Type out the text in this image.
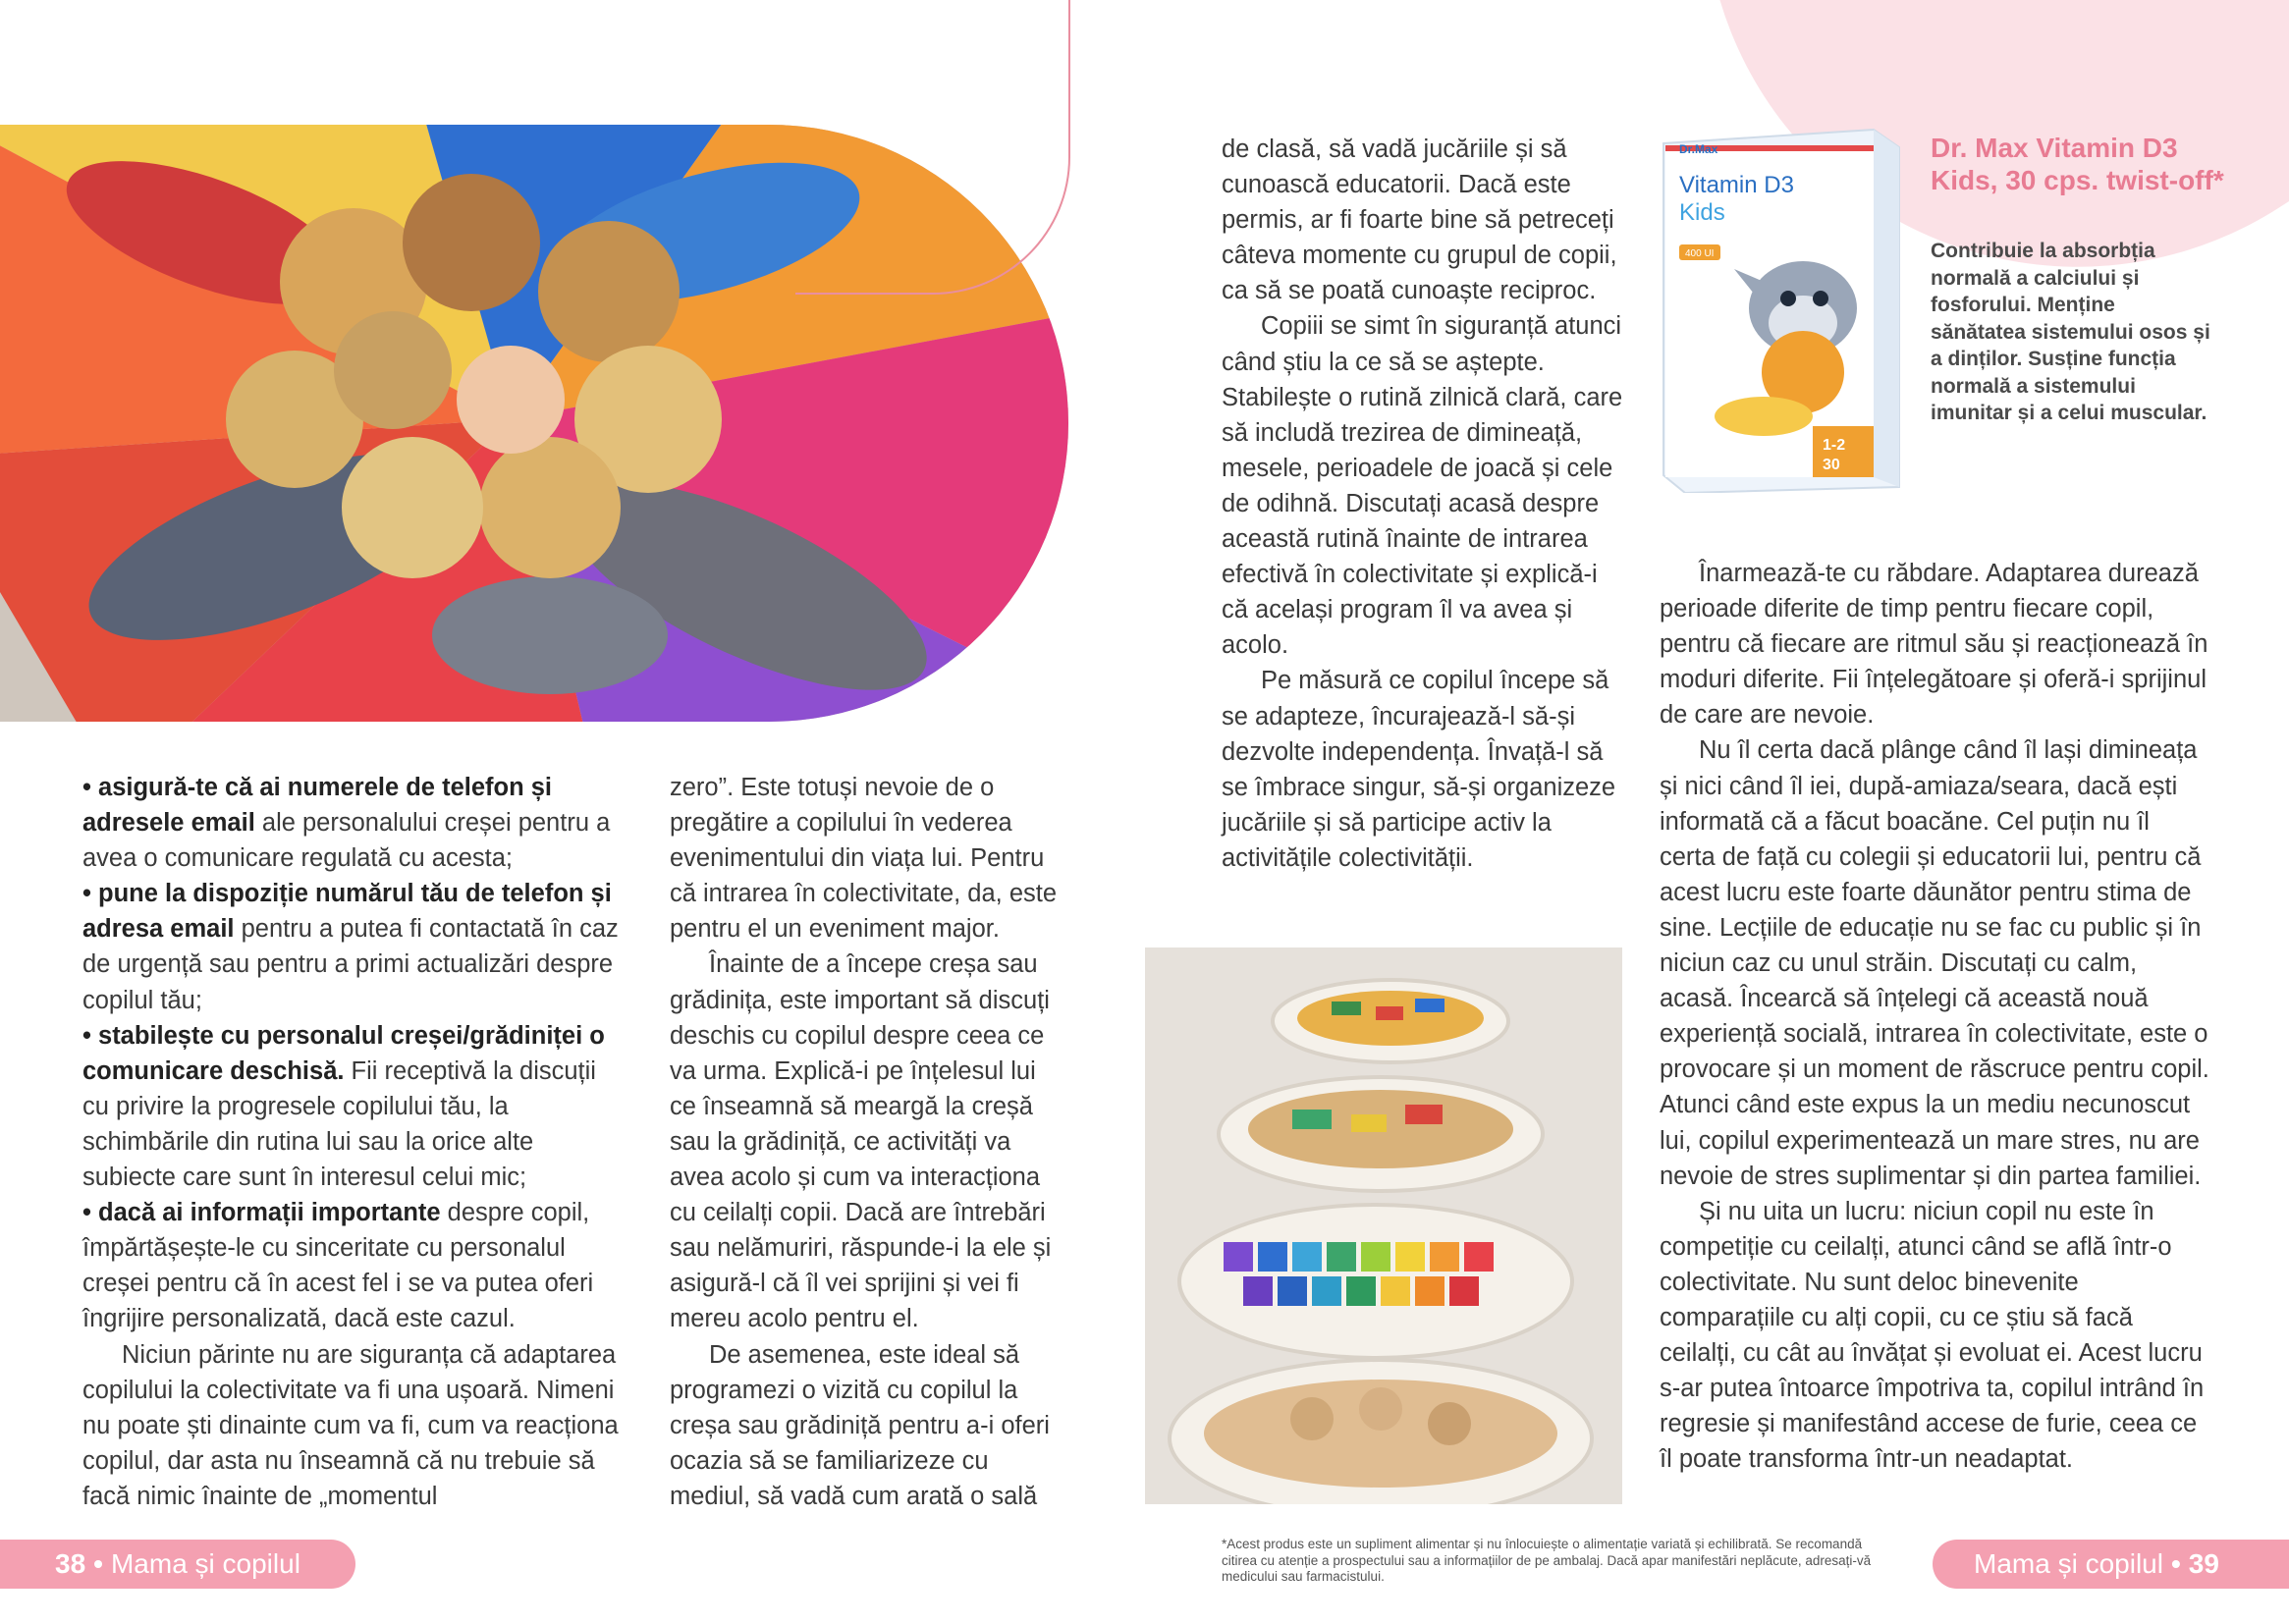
• asigură-te că ai numerele de telefon și adresele email ale personalului creșei pentru a avea o comunicare regulată cu acesta;

• pune la dispoziție numărul tău de telefon și adresa email pentru a putea fi contactată în caz de urgență sau pentru a primi actualizări despre copilul tău;

• stabilește cu personalul creșei/grădiniței o comunicare deschisă. Fii receptivă la discuții cu privire la progresele copilului tău, la schimbările din rutina lui sau la orice alte subiecte care sunt în interesul celui mic;

• dacă ai informații importante despre copil, împărtășește-le cu sinceritate cu personalul creșei pentru că în acest fel i se va putea oferi îngrijire personalizată, dacă este cazul.

Niciun părinte nu are siguranța că adaptarea copilului la colectivitate va fi una ușoară. Nimeni nu poate ști dinainte cum va fi, cum va reacționa copilul, dar asta nu înseamnă că nu trebuie să facă nimic înainte de „momentul

zero”. Este totuși nevoie de o pregătire a copilului în vederea evenimentului din viața lui. Pentru că intrarea în colectivitate, da, este pentru el un eveniment major.

Înainte de a începe creșa sau grădinița, este important să discuți deschis cu copilul despre ceea ce va urma. Explică-i pe înțelesul lui ce înseamnă să meargă la creșă sau la grădiniță, ce activități va avea acolo și cum va interacționa cu ceilalți copii. Dacă are întrebări sau nelămuriri, răspunde-i la ele și asigură-l că îl vei sprijini și vei fi mereu acolo pentru el.

De asemenea, este ideal să programezi o vizită cu copilul la creșa sau grădiniță pentru a-i oferi ocazia să se familiarizeze cu mediul, să vadă cum arată o sală

38 • Mama și copilul

de clasă, să vadă jucăriile și să cunoască educatorii. Dacă este permis, ar fi foarte bine să petreceți câteva momente cu grupul de copii, ca să se poată cunoaște reciproc.

Copiii se simt în siguranță atunci când știu la ce să se aștepte. Stabilește o rutină zilnică clară, care să includă trezirea de dimineață, mesele, perioadele de joacă și cele de odihnă. Discutați acasă despre această rutină înainte de intrarea efectivă în colectivitate și explică-i că același program îl va avea și acolo.

Pe măsură ce copilul începe să se adapteze, încurajează-l să-și dezvolte independența. Învață-l să se îmbrace singur, să-și organizeze jucăriile și să participe activ la activitățile colectivității.

Dr.Max
Vitamin D3
Kids
400 UI
1-2
30
Dr. Max Vitamin D3 Kids, 30 cps. twist-off*
Contribuie la absorbția normală a calciului și fosforului. Menține sănătatea sistemului osos și a dinților. Susține funcția normală a sistemului imunitar și a celui muscular.

Înarmează-te cu răbdare. Adaptarea durează perioade diferite de timp pentru fiecare copil, pentru că fiecare are ritmul său și reacționează în moduri diferite. Fii înțelegătoare și oferă-i sprijinul de care are nevoie.

Nu îl certa dacă plânge când îl lași dimineața și nici când îl iei, după-amiaza/seara, dacă ești informată că a făcut boacăne. Cel puțin nu îl certa de față cu colegii și educatorii lui, pentru că acest lucru este foarte dăunător pentru stima de sine. Lecțiile de educație nu se fac cu public și în niciun caz cu unul străin. Discutați cu calm, acasă. Încearcă să înțelegi că această nouă experiență socială, intrarea în colectivitate, este o provocare și un moment de răscruce pentru copil. Atunci când este expus la un mediu necunoscut lui, copilul experimentează un mare stres, nu are nevoie de stres suplimentar și din partea familiei.

Și nu uita un lucru: niciun copil nu este în competiție cu ceilalți, atunci când se află într-o colectivitate. Nu sunt deloc binevenite comparațiile cu alți copii, cu ce știu să facă ceilalți, cu cât au învățat și evoluat ei. Acest lucru s-ar putea întoarce împotriva ta, copilul intrând în regresie și manifestând accese de furie, ceea ce îl poate transforma într-un neadaptat.

*Acest produs este un supliment alimentar și nu înlocuiește o alimentație variată și echilibrată. Se recomandă citirea cu atenție a prospectului sau a informațiilor de pe ambalaj. Dacă apar manifestări neplăcute, adresați-vă medicului sau farmacistului.	Mama și copilul • 39
